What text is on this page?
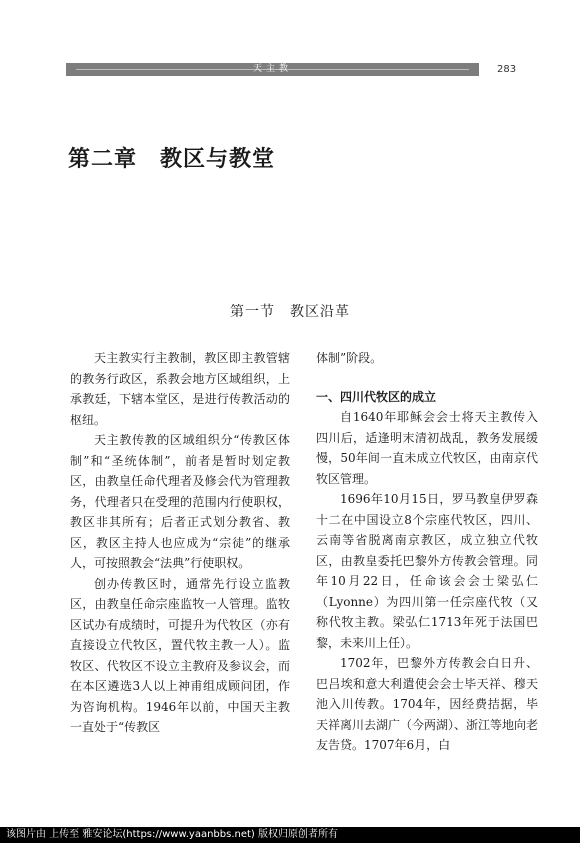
天主教	283
第二章　教区与教堂
第一节　教区沿革

天主教实行主教制，教区即主教管辖的教务行政区，系教会地方区域组织，上承教廷，下辖本堂区，是进行传教活动的枢纽。

天主教传教的区域组织分“传教区体制”和“圣统体制”，前者是暂时划定教区，由教皇任命代理者及修会代为管理教务，代理者只在受理的范围内行使职权，教区非其所有；后者正式划分教省、教区，教区主持人也应成为“宗徒”的继承人，可按照教会“法典”行使职权。

创办传教区时，通常先行设立监教区，由教皇任命宗座监牧一人管理。监牧区试办有成绩时，可提升为代牧区（亦有直接设立代牧区，置代牧主教一人）。监牧区、代牧区不设立主教府及参议会，而在本区遴选3人以上神甫组成顾问团，作为咨询机构。1946年以前，中国天主教一直处于“传教区

体制”阶段。

一、四川代牧区的成立

自1640年耶稣会会士将天主教传入四川后，适逢明末清初战乱，教务发展缓慢，50年间一直未成立代牧区，由南京代牧区管理。

1696年10月15日，罗马教皇伊罗森十二在中国设立8个宗座代牧区，四川、云南等省脱离南京教区，成立独立代牧区，由教皇委托巴黎外方传教会管理。同年10月22日，任命该会会士梁弘仁（Lyonne）为四川第一任宗座代牧（又称代牧主教。梁弘仁1713年死于法国巴黎，未来川上任）。

1702年，巴黎外方传教会白日升、巴吕埃和意大利遣使会会士毕天祥、穆天池入川传教。1704年，因经费拮据，毕天祥离川去湖广（今两湖）、浙江等地向老友告贷。1707年6月，白

该图片由 上传至 雅安论坛(https://www.yaanbbs.net) 版权归原创者所有
